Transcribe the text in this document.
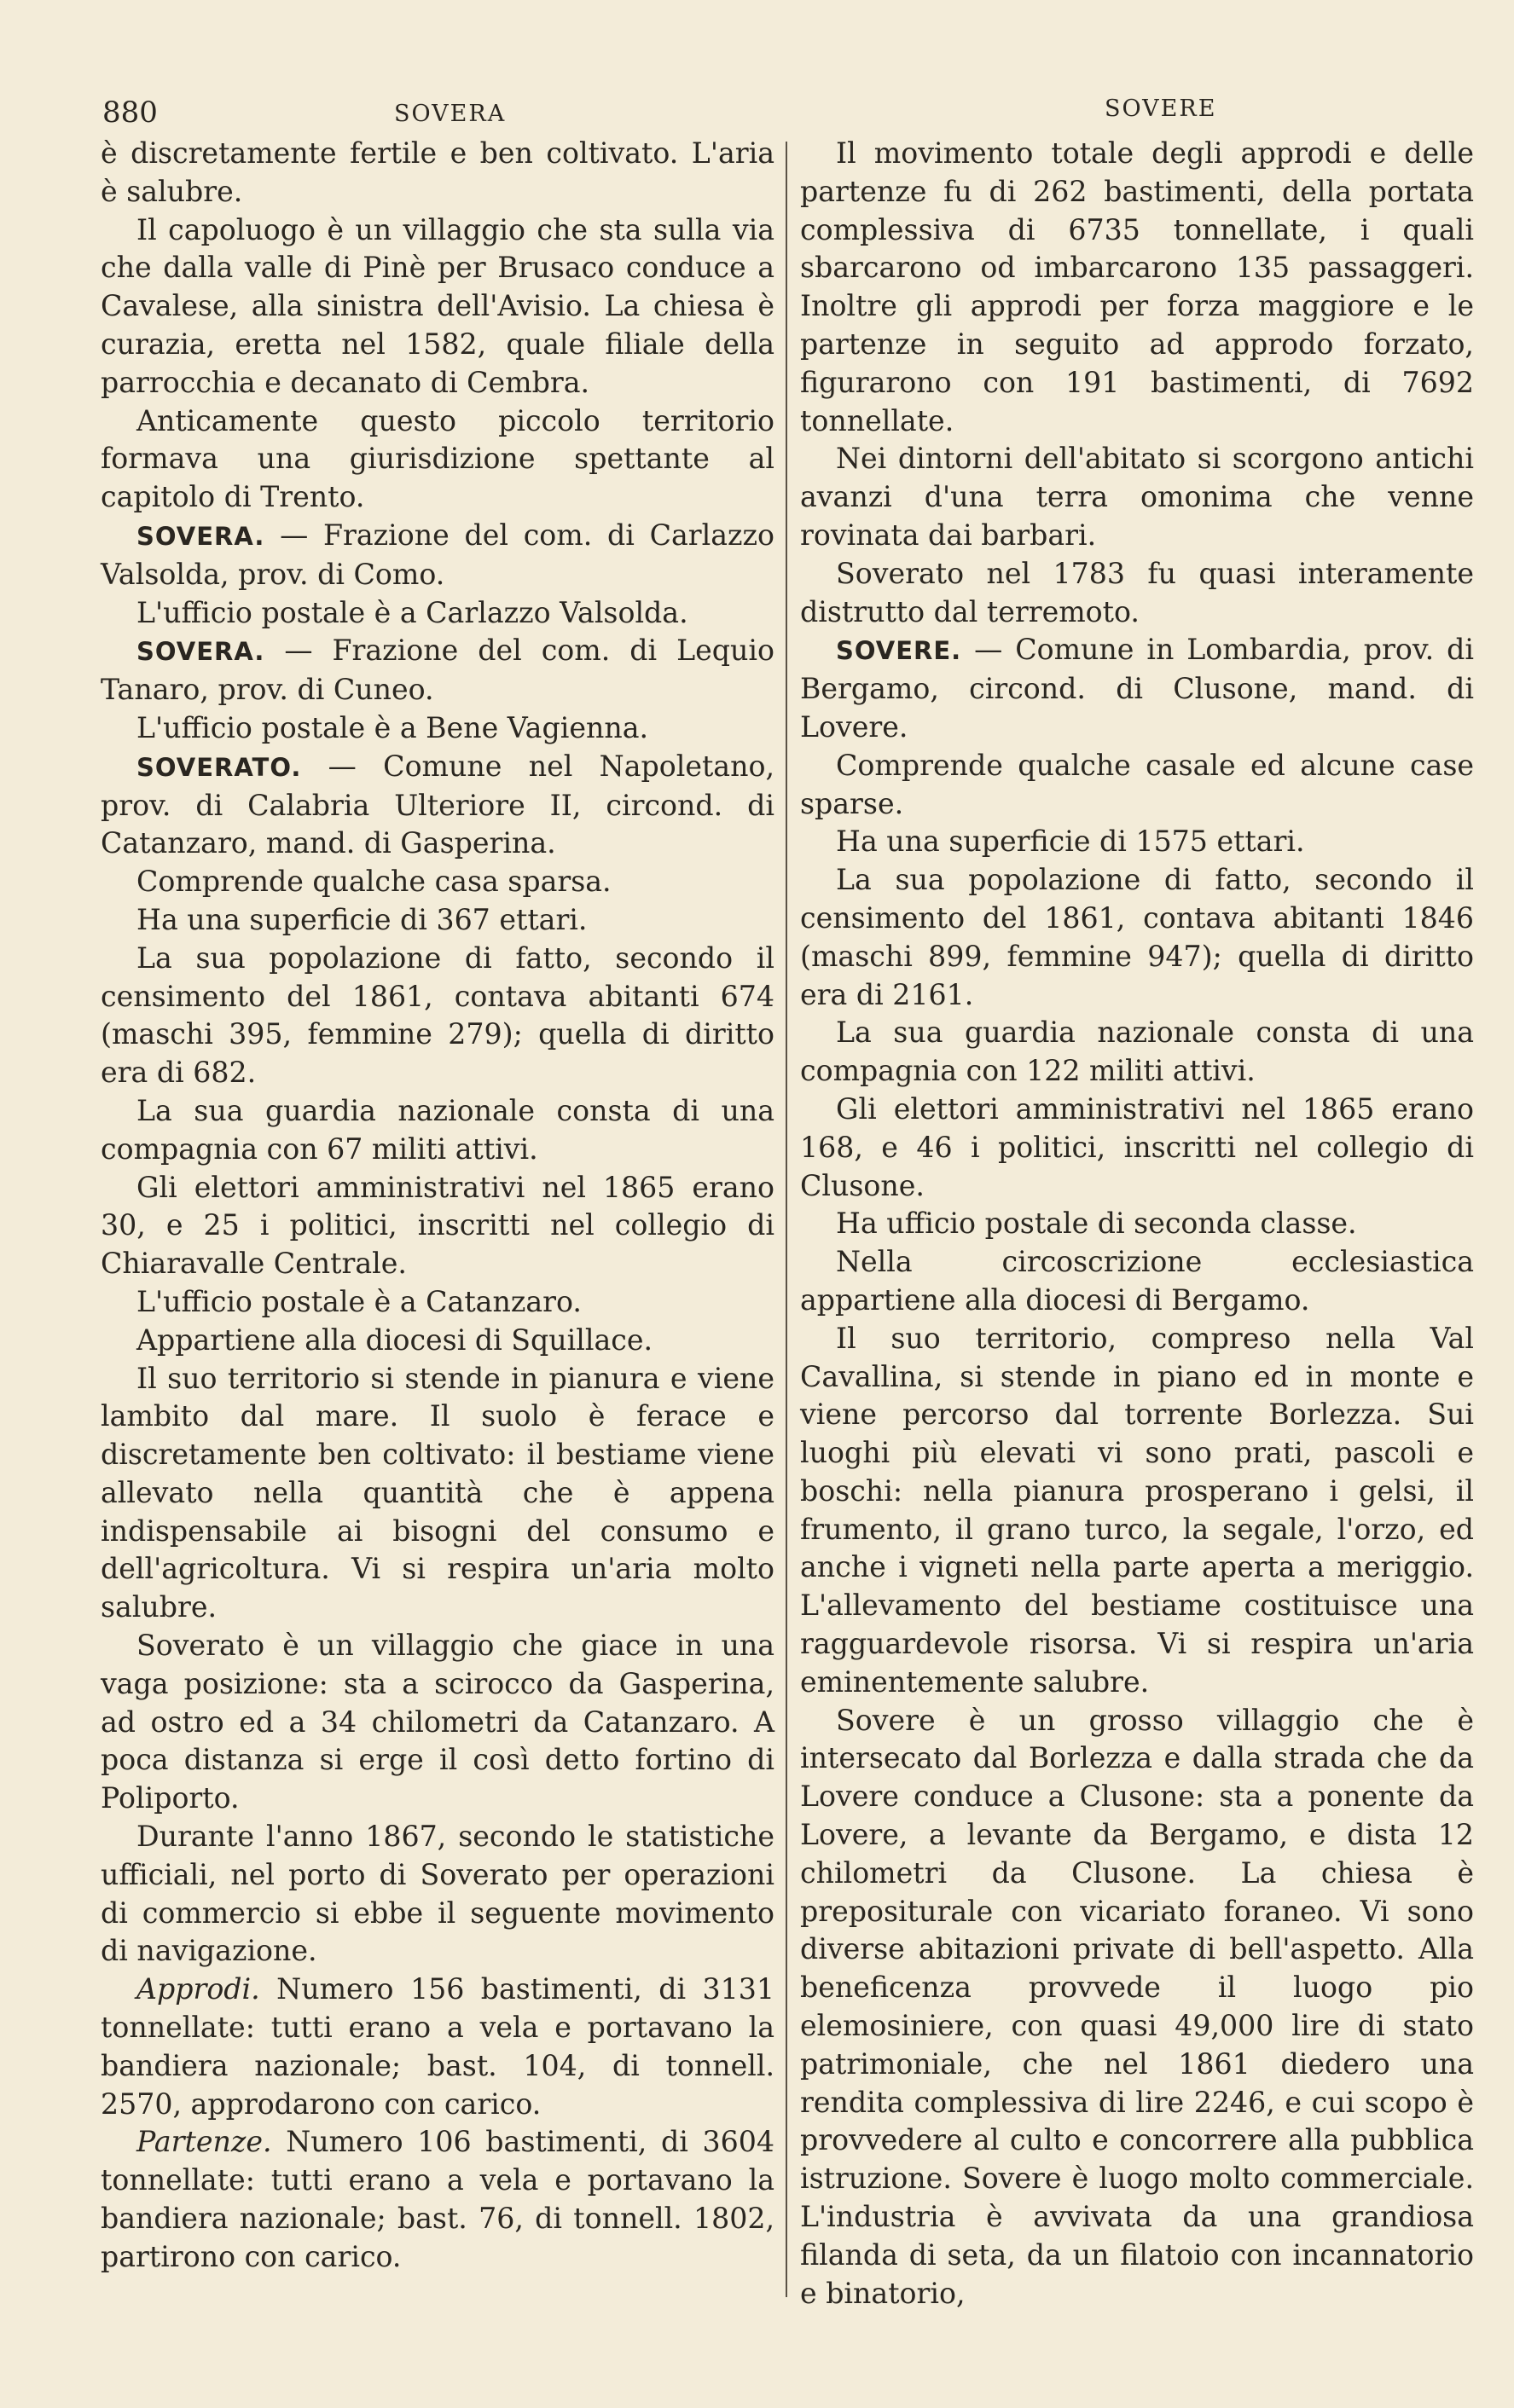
880	SOVERA	SOVERE

è discretamente fertile e ben coltivato. L'aria è salubre.

Il capoluogo è un villaggio che sta sulla via che dalla valle di Pinè per Brusaco conduce a Cavalese, alla sinistra dell'Avisio. La chiesa è curazia, eretta nel 1582, quale filiale della parrocchia e decanato di Cembra.

Anticamente questo piccolo territorio formava una giurisdizione spettante al capitolo di Trento.

SOVERA. — Frazione del com. di Carlazzo Valsolda, prov. di Como.

L'ufficio postale è a Carlazzo Valsolda.

SOVERA. — Frazione del com. di Lequio Tanaro, prov. di Cuneo.

L'ufficio postale è a Bene Vagienna.

SOVERATO. — Comune nel Napoletano, prov. di Calabria Ulteriore II, circond. di Catanzaro, mand. di Gasperina.

Comprende qualche casa sparsa.

Ha una superficie di 367 ettari.

La sua popolazione di fatto, secondo il censimento del 1861, contava abitanti 674 (maschi 395, femmine 279); quella di diritto era di 682.

La sua guardia nazionale consta di una compagnia con 67 militi attivi.

Gli elettori amministrativi nel 1865 erano 30, e 25 i politici, inscritti nel collegio di Chiaravalle Centrale.

L'ufficio postale è a Catanzaro.

Appartiene alla diocesi di Squillace.

Il suo territorio si stende in pianura e viene lambito dal mare. Il suolo è ferace e discretamente ben coltivato: il bestiame viene allevato nella quantità che è appena indispensabile ai bisogni del consumo e dell'agricoltura. Vi si respira un'aria molto salubre.

Soverato è un villaggio che giace in una vaga posizione: sta a scirocco da Gasperina, ad ostro ed a 34 chilometri da Catanzaro. A poca distanza si erge il così detto fortino di Poliporto.

Durante l'anno 1867, secondo le statistiche ufficiali, nel porto di Soverato per operazioni di commercio si ebbe il seguente movimento di navigazione.

Approdi. Numero 156 bastimenti, di 3131 tonnellate: tutti erano a vela e portavano la bandiera nazionale; bast. 104, di tonnell. 2570, approdarono con carico.

Partenze. Numero 106 bastimenti, di 3604 tonnellate: tutti erano a vela e portavano la bandiera nazionale; bast. 76, di tonnell. 1802, partirono con carico.

Il movimento totale degli approdi e delle partenze fu di 262 bastimenti, della portata complessiva di 6735 tonnellate, i quali sbarcarono od imbarcarono 135 passaggeri. Inoltre gli approdi per forza maggiore e le partenze in seguito ad approdo forzato, figurarono con 191 bastimenti, di 7692 tonnellate.

Nei dintorni dell'abitato si scorgono antichi avanzi d'una terra omonima che venne rovinata dai barbari.

Soverato nel 1783 fu quasi interamente distrutto dal terremoto.

SOVERE. — Comune in Lombardia, prov. di Bergamo, circond. di Clusone, mand. di Lovere.

Comprende qualche casale ed alcune case sparse.

Ha una superficie di 1575 ettari.

La sua popolazione di fatto, secondo il censimento del 1861, contava abitanti 1846 (maschi 899, femmine 947); quella di diritto era di 2161.

La sua guardia nazionale consta di una compagnia con 122 militi attivi.

Gli elettori amministrativi nel 1865 erano 168, e 46 i politici, inscritti nel collegio di Clusone.

Ha ufficio postale di seconda classe.

Nella circoscrizione ecclesiastica appartiene alla diocesi di Bergamo.

Il suo territorio, compreso nella Val Cavallina, si stende in piano ed in monte e viene percorso dal torrente Borlezza. Sui luoghi più elevati vi sono prati, pascoli e boschi: nella pianura prosperano i gelsi, il frumento, il grano turco, la segale, l'orzo, ed anche i vigneti nella parte aperta a meriggio. L'allevamento del bestiame costituisce una ragguardevole risorsa. Vi si respira un'aria eminentemente salubre.

Sovere è un grosso villaggio che è intersecato dal Borlezza e dalla strada che da Lovere conduce a Clusone: sta a ponente da Lovere, a levante da Bergamo, e dista 12 chilometri da Clusone. La chiesa è prepositurale con vicariato foraneo. Vi sono diverse abitazioni private di bell'aspetto. Alla beneficenza provvede il luogo pio elemosiniere, con quasi 49,000 lire di stato patrimoniale, che nel 1861 diedero una rendita complessiva di lire 2246, e cui scopo è provvedere al culto e concorrere alla pubblica istruzione. Sovere è luogo molto commerciale. L'industria è avvivata da una grandiosa filanda di seta, da un filatoio con incannatorio e binatorio,
